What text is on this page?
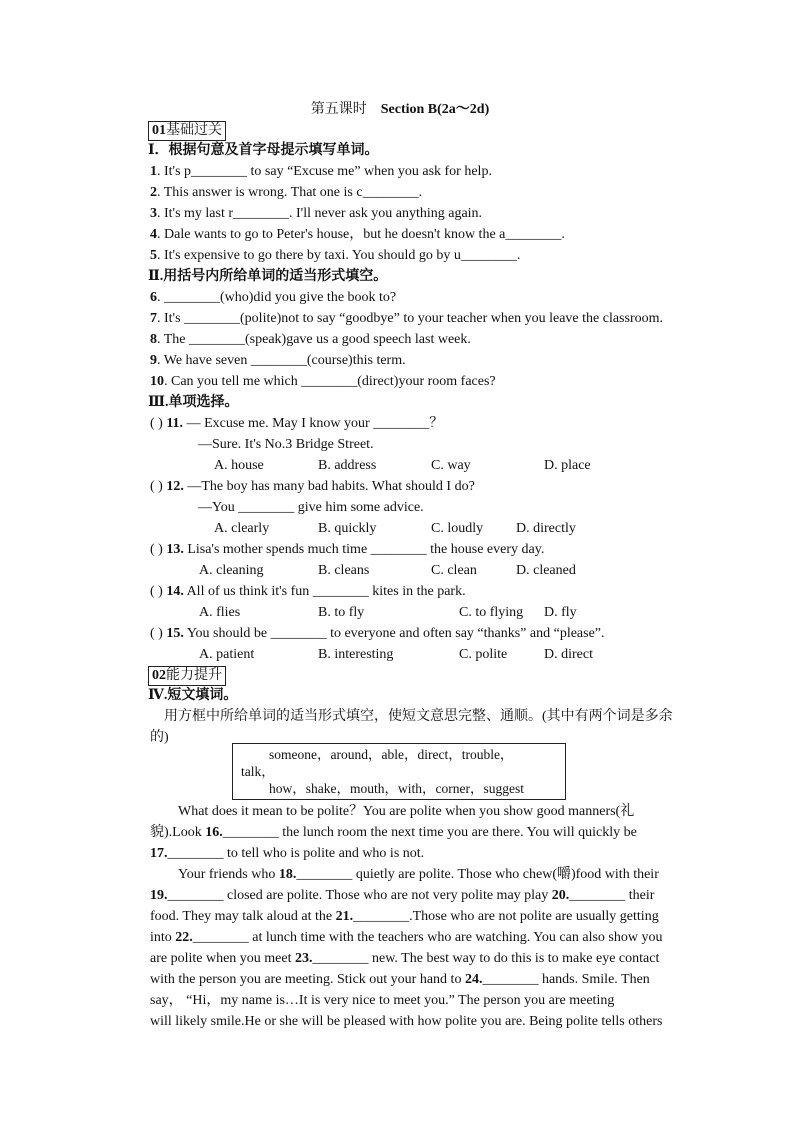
第五课时 Section B(2a～2d)
01基础过关
Ⅰ．根据句意及首字母提示填写单词。
1. It's p________ to say “Excuse me” when you ask for help.
2. This answer is wrong. That one is c________.
3. It's my last r________. I'll never ask you anything again.
4. Dale wants to go to Peter's house，but he doesn't know the a________.
5. It's expensive to go there by taxi. You should go by u________.
Ⅱ.用括号内所给单词的适当形式填空。
6. ________(who)did you give the book to?
7. It's ________(polite)not to say “goodbye” to your teacher when you leave the classroom.
8. The ________(speak)gave us a good speech last week.
9. We have seven ________(course)this term.
10. Can you tell me which ________(direct)your room faces?
Ⅲ.单项选择。
( ) 11. — Excuse me. May I know your ________？
—Sure. It's No.3 Bridge Street.
A. house	B. address	C. way	D. place
( ) 12. —The boy has many bad habits. What should I do?
—You ________ give him some advice.
A. clearly	B. quickly	C. loudly D. directly
( ) 13. Lisa's mother spends much time ________ the house every day.
A. cleaning	B. cleans	C. clean	D. cleaned
( ) 14. All of us think it's fun ________ kites in the park.
A. flies	B. to fly	C. to flying D. fly
( ) 15. You should be ________ to everyone and often say “thanks” and “please”.
A. patient	B. interesting	C. polite	D. direct
02能力提升
Ⅳ.短文填词。
用方框中所给单词的适当形式填空，使短文意思完整、通顺。(其中有两个词是多余
的)
someone，around，able，direct，trouble，
talk，
how，shake，mouth，with，corner，suggest
What does it mean to be polite？You are polite when you show good manners(礼
貌).Look 16.________ the lunch room the next time you are there. You will quickly be
17.________ to tell who is polite and who is not.
Your friends who 18.________ quietly are polite. Those who chew(嚼)food with their
19.________ closed are polite. Those who are not very polite may play 20.________ their
food. They may talk aloud at the 21.________.Those who are not polite are usually getting
into 22.________ at lunch time with the teachers who are watching. You can also show you
are polite when you meet 23.________ new. The best way to do this is to make eye contact
with the person you are meeting. Stick out your hand to 24.________ hands. Smile. Then
say， “Hi，my name is…It is very nice to meet you.” The person you are meeting
will likely smile.He or she will be pleased with how polite you are. Being polite tells others
